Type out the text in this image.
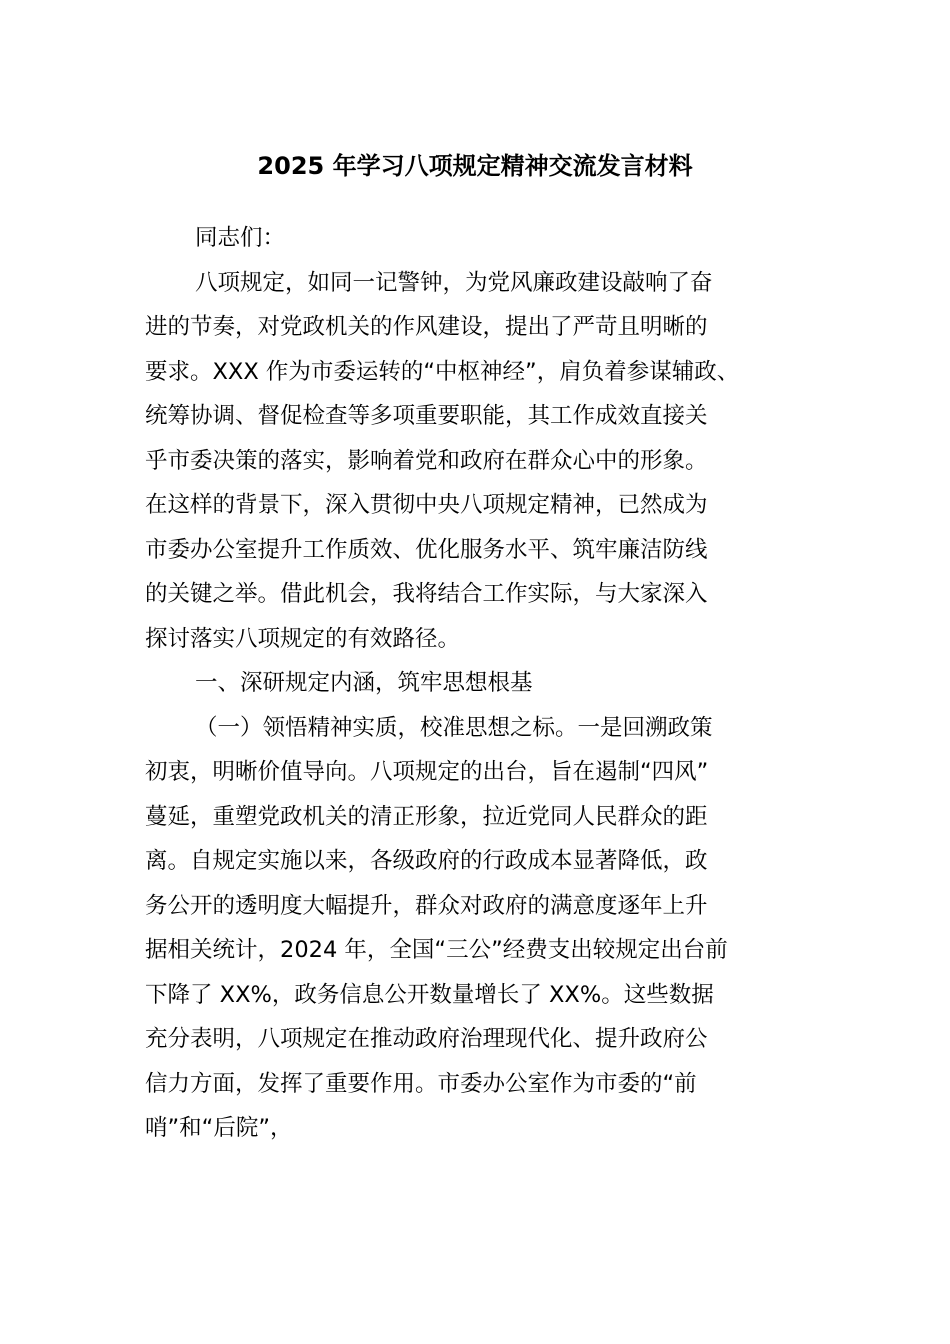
2025 年学习八项规定精神交流发言材料

同志们：

八项规定，如同一记警钟，为党风廉政建设敲响了奋

进的节奏，对党政机关的作风建设，提出了严苛且明晰的

要求。XXX 作为市委运转的“中枢神经”，肩负着参谋辅政、

统筹协调、督促检查等多项重要职能，其工作成效直接关

乎市委决策的落实，影响着党和政府在群众心中的形象。

在这样的背景下，深入贯彻中央八项规定精神，已然成为

市委办公室提升工作质效、优化服务水平、筑牢廉洁防线

的关键之举。借此机会，我将结合工作实际，与大家深入

探讨落实八项规定的有效路径。

一、深研规定内涵，筑牢思想根基

（一）领悟精神实质，校准思想之标。一是回溯政策

初衷，明晰价值导向。八项规定的出台，旨在遏制“四风”

蔓延，重塑党政机关的清正形象，拉近党同人民群众的距

离。自规定实施以来，各级政府的行政成本显著降低，政

务公开的透明度大幅提升，群众对政府的满意度逐年上升

据相关统计，2024 年，全国“三公”经费支出较规定出台前

下降了 XX%，政务信息公开数量增长了 XX%。这些数据

充分表明，八项规定在推动政府治理现代化、提升政府公

信力方面，发挥了重要作用。市委办公室作为市委的“前

哨”和“后院”，
